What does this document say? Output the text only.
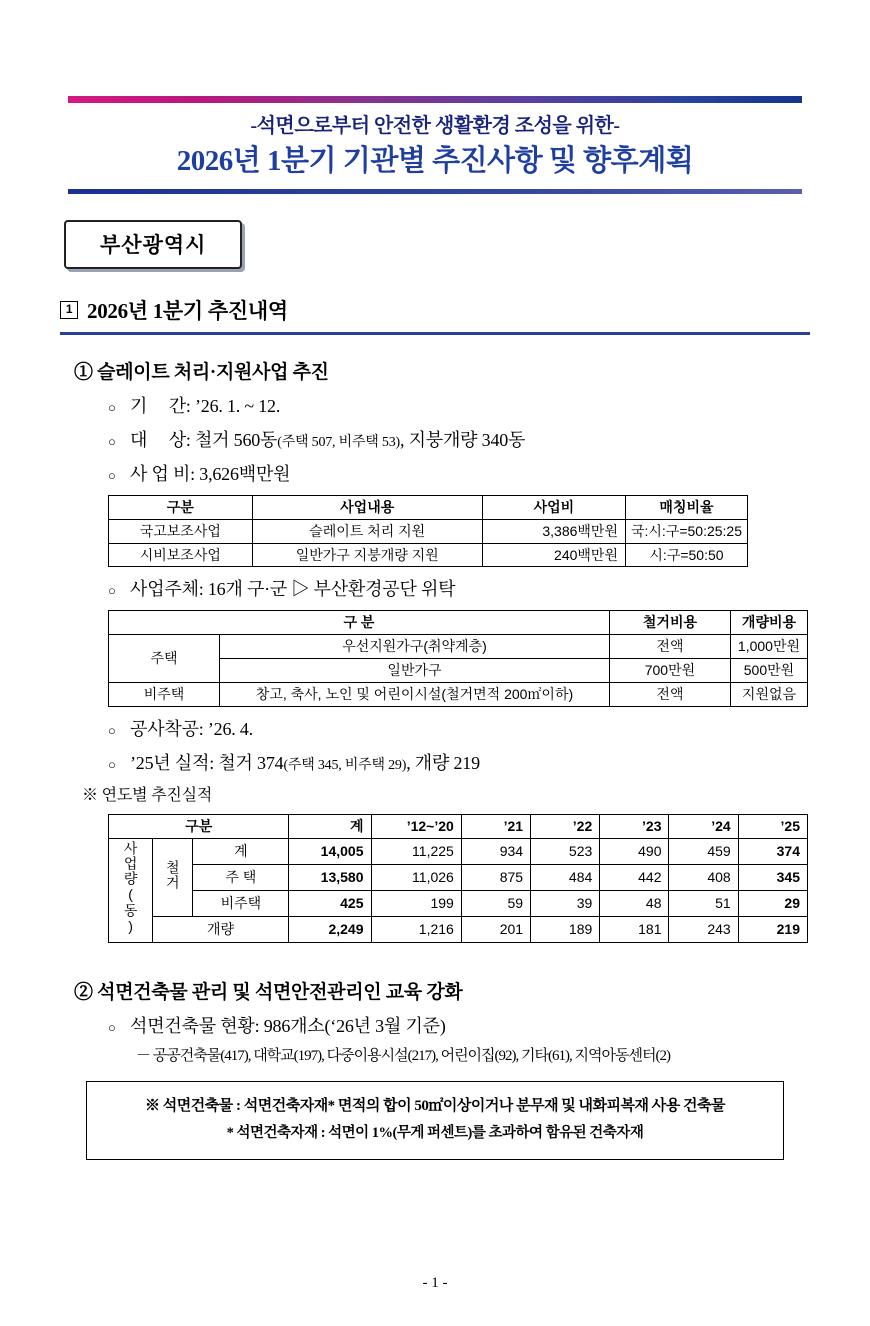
-석면으로부터 안전한 생활환경 조성을 위한-
2026년 1분기 기관별 추진사항 및 향후계획
부산광역시
1 2026년 1분기 추진내역
① 슬레이트 처리·지원사업 추진
○ 기     간: ’26. 1. ~ 12.
○ 대     상: 철거 560동 (주택 507, 비주택 53) , 지붕개량 340동
○ 사 업 비: 3,626백만원
구분	사업내용	사업비	매칭비율
국고보조사업	슬레이트 처리 지원	3,386백만원	국:시:구=50:25:25
시비보조사업	일반가구 지붕개량 지원	240백만원	시:구=50:50
○ 사업주체: 16개 구·군 ▷ 부산환경공단 위탁
구 분		철거비용	개량비용
주택	우선지원가구(취약계층)	전액	1,000만원
	일반가구	700만원	500만원
비주택	창고, 축사, 노인 및 어린이시설(철거면적 200㎡이하)	전액	지원없음
○ 공사착공: ’26. 4.
○ ’25년 실적: 철거 374 (주택 345, 비주택 29) , 개량 219
※ 연도별 추진실적
구분			계	’12~’20	’21	’22	’23	’24	’25
사업량(동)	철거	계	14,005	11,225	934	523	490	459	374
		주 택	13,580	11,026	875	484	442	408	345
		비주택	425	199	59	39	48	51	29
	개량		2,249	1,216	201	189	181	243	219
② 석면건축물 관리 및 석면안전관리인 교육 강화
○ 석면건축물 현황: 986개소(‘26년 3월 기준)
－ 공공건축물(417), 대학교(197), 다중이용시설(217), 어린이집(92), 기타(61), 지역아동센터(2)
※ 석면건축물 : 석면건축자재* 면적의 합이 50㎡이상이거나 분무재 및 내화피복재 사용 건축물
* 석면건축자재 : 석면이 1%(무게 퍼센트)를 초과하여 함유된 건축자재
- 1 -
